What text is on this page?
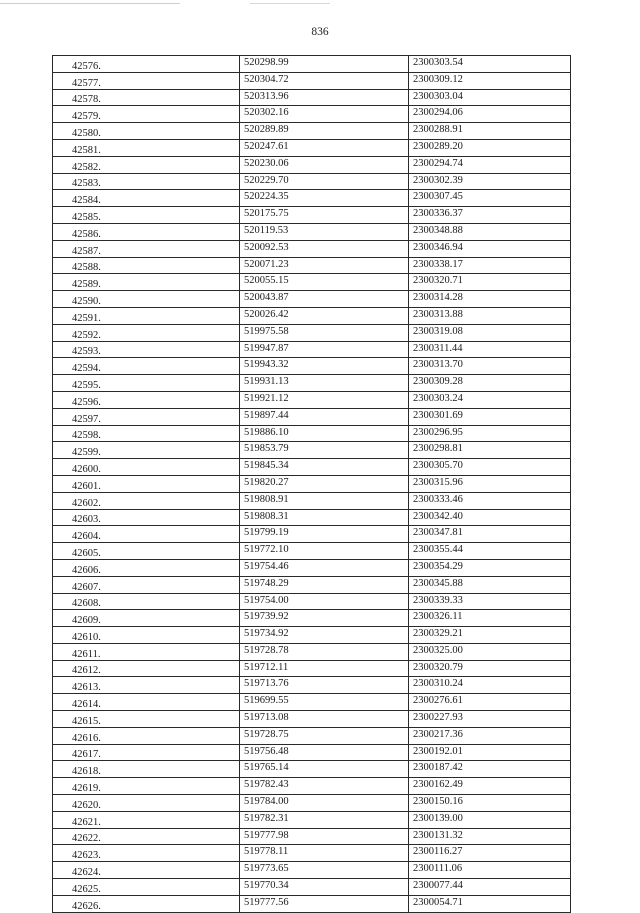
836
42576.	520298.99	2300303.54
42577.	520304.72	2300309.12
42578.	520313.96	2300303.04
42579.	520302.16	2300294.06
42580.	520289.89	2300288.91
42581.	520247.61	2300289.20
42582.	520230.06	2300294.74
42583.	520229.70	2300302.39
42584.	520224.35	2300307.45
42585.	520175.75	2300336.37
42586.	520119.53	2300348.88
42587.	520092.53	2300346.94
42588.	520071.23	2300338.17
42589.	520055.15	2300320.71
42590.	520043.87	2300314.28
42591.	520026.42	2300313.88
42592.	519975.58	2300319.08
42593.	519947.87	2300311.44
42594.	519943.32	2300313.70
42595.	519931.13	2300309.28
42596.	519921.12	2300303.24
42597.	519897.44	2300301.69
42598.	519886.10	2300296.95
42599.	519853.79	2300298.81
42600.	519845.34	2300305.70
42601.	519820.27	2300315.96
42602.	519808.91	2300333.46
42603.	519808.31	2300342.40
42604.	519799.19	2300347.81
42605.	519772.10	2300355.44
42606.	519754.46	2300354.29
42607.	519748.29	2300345.88
42608.	519754.00	2300339.33
42609.	519739.92	2300326.11
42610.	519734.92	2300329.21
42611.	519728.78	2300325.00
42612.	519712.11	2300320.79
42613.	519713.76	2300310.24
42614.	519699.55	2300276.61
42615.	519713.08	2300227.93
42616.	519728.75	2300217.36
42617.	519756.48	2300192.01
42618.	519765.14	2300187.42
42619.	519782.43	2300162.49
42620.	519784.00	2300150.16
42621.	519782.31	2300139.00
42622.	519777.98	2300131.32
42623.	519778.11	2300116.27
42624.	519773.65	2300111.06
42625.	519770.34	2300077.44
42626.	519777.56	2300054.71
